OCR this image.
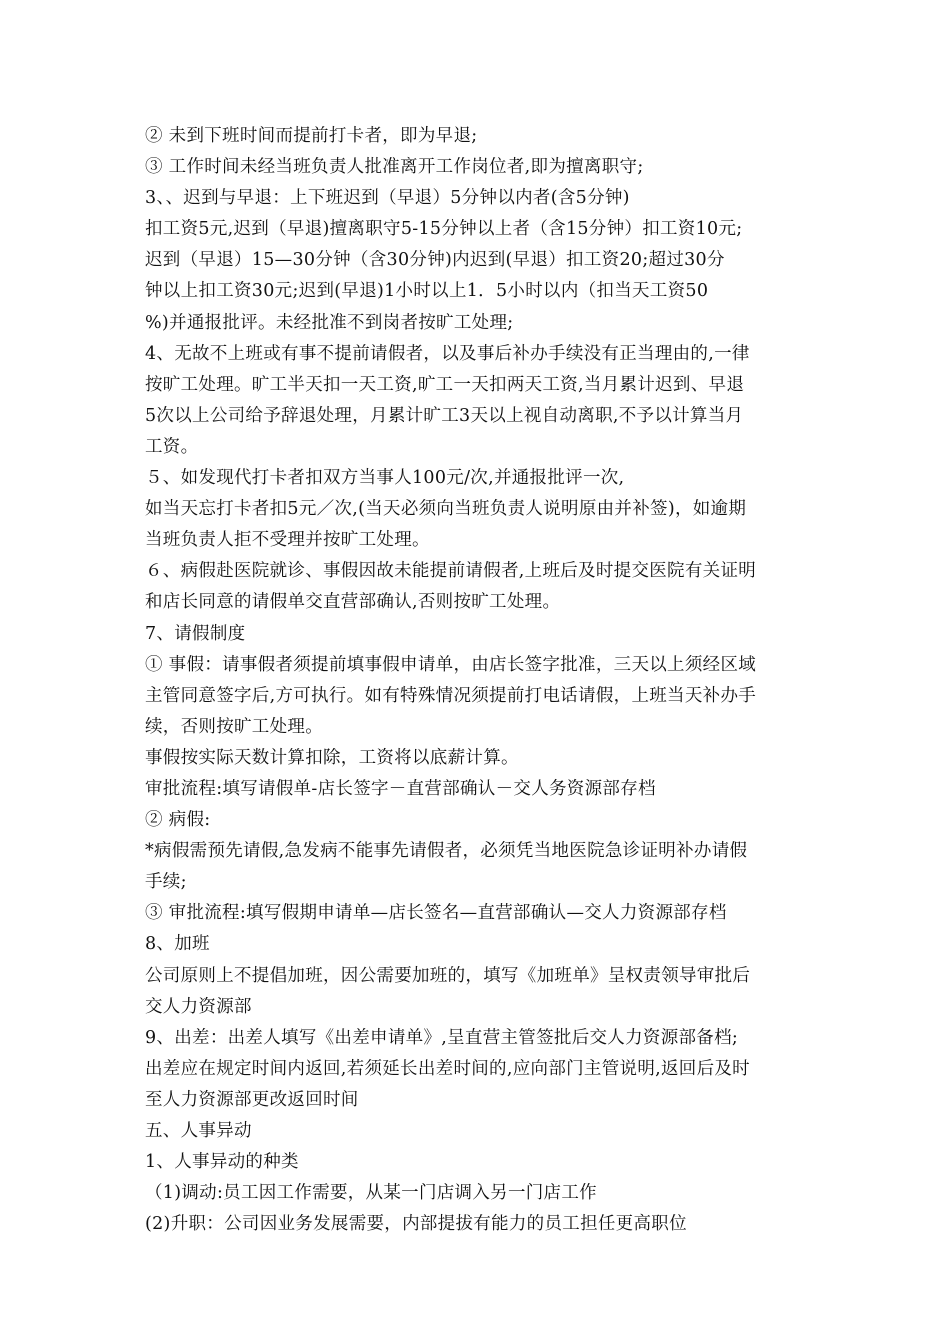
② 未到下班时间而提前打卡者，即为早退;
③ 工作时间未经当班负责人批准离开工作岗位者,即为擅离职守;
3、、迟到与早退：上下班迟到（早退）5分钟以内者(含5分钟)
扣工资5元,迟到（早退)擅离职守5-15分钟以上者（含15分钟）扣工资10元;
迟到（早退）15—30分钟（含30分钟)内迟到(早退）扣工资20;超过30分
钟以上扣工资30元;迟到(早退)1小时以上1．5小时以内（扣当天工资50
%)并通报批评。未经批准不到岗者按旷工处理;
4、无故不上班或有事不提前请假者，以及事后补办手续没有正当理由的,一律
按旷工处理。旷工半天扣一天工资,旷工一天扣两天工资,当月累计迟到、早退
5次以上公司给予辞退处理，月累计旷工3天以上视自动离职,不予以计算当月
工资。
５、如发现代打卡者扣双方当事人100元/次,并通报批评一次,
如当天忘打卡者扣5元／次,(当天必须向当班负责人说明原由并补签)，如逾期
当班负责人拒不受理并按旷工处理。
６、病假赴医院就诊、事假因故未能提前请假者,上班后及时提交医院有关证明
和店长同意的请假单交直营部确认,否则按旷工处理。
7、请假制度
① 事假：请事假者须提前填事假申请单，由店长签字批准，三天以上须经区域
主管同意签字后,方可执行。如有特殊情况须提前打电话请假，上班当天补办手
续，否则按旷工处理。
事假按实际天数计算扣除，工资将以底薪计算。
审批流程:填写请假单-店长签字－直营部确认－交人务资源部存档
② 病假:
*病假需预先请假,急发病不能事先请假者，必须凭当地医院急诊证明补办请假
手续;
③ 审批流程:填写假期申请单—店长签名—直营部确认—交人力资源部存档
8、加班
公司原则上不提倡加班，因公需要加班的，填写《加班单》呈权责领导审批后
交人力资源部
9、出差：出差人填写《出差申请单》,呈直营主管签批后交人力资源部备档;
出差应在规定时间内返回,若须延长出差时间的,应向部门主管说明,返回后及时
至人力资源部更改返回时间
五、人事异动
1、人事异动的种类
（1)调动:员工因工作需要，从某一门店调入另一门店工作
(2)升职：公司因业务发展需要，内部提拔有能力的员工担任更高职位
